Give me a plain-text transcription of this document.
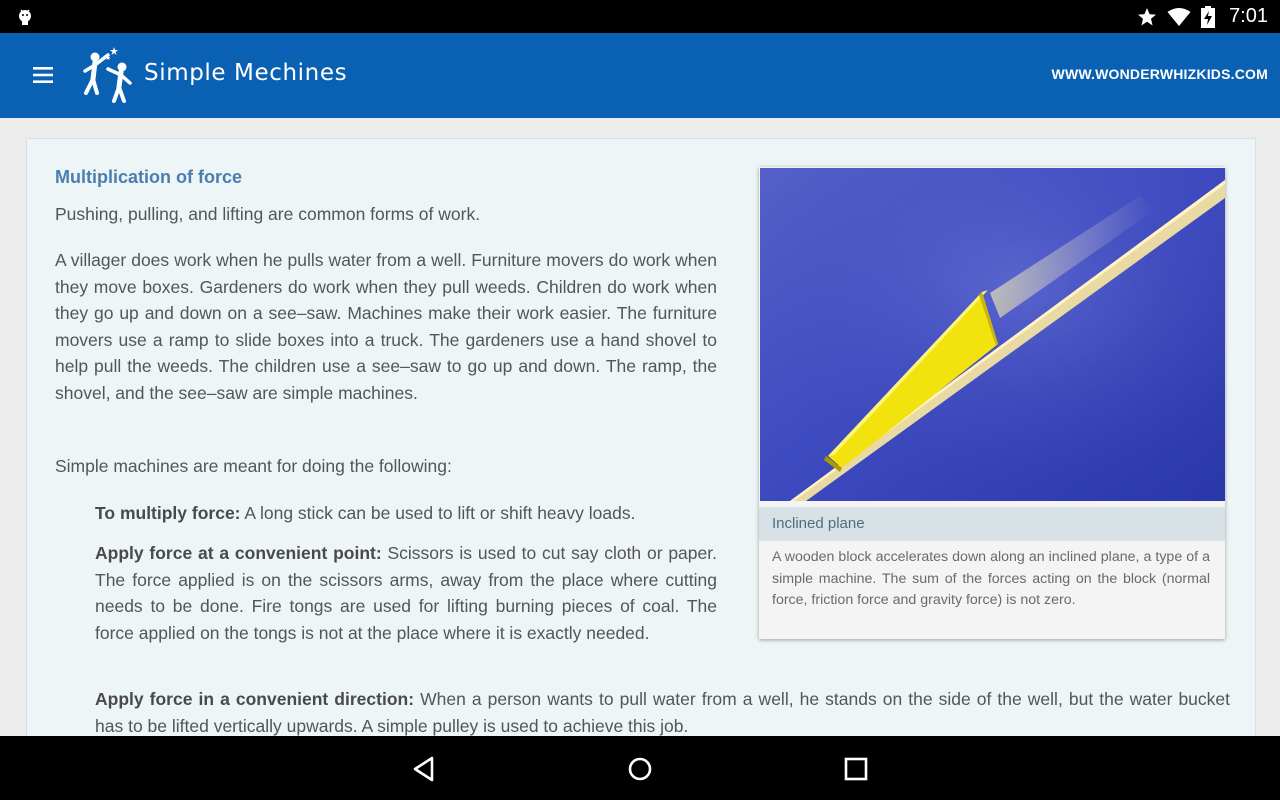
7:01
Simple Mechines	WWW.WONDERWHIZKIDS.COM
Multiplication of force

Pushing, pulling, and lifting are common forms of work.

A villager does work when he pulls water from a well. Furniture movers do work when they move boxes. Gardeners do work when they pull weeds. Children do work when they go up and down on a see–saw. Machines make their work easier. The furniture movers use a ramp to slide boxes into a truck. The gardeners use a hand shovel to help pull the weeds. The children use a see–saw to go up and down. The ramp, the shovel, and the see–saw are simple machines.

Simple machines are meant for doing the following:

To multiply force: A long stick can be used to lift or shift heavy loads.

Apply force at a convenient point: Scissors is used to cut say cloth or paper. The force applied is on the scissors arms, away from the place where cutting needs to be done. Fire tongs are used for lifting burning pieces of coal. The force applied on the tongs is not at the place where it is exactly needed.

Apply force in a convenient direction: When a person wants to pull water from a well, he stands on the side of the well, but the water bucket has to be lifted vertically upwards. A simple pulley is used to achieve this job.

Inclined plane

A wooden block accelerates down along an inclined plane, a type of a simple machine. The sum of the forces acting on the block (normal force, friction force and gravity force) is not zero.
